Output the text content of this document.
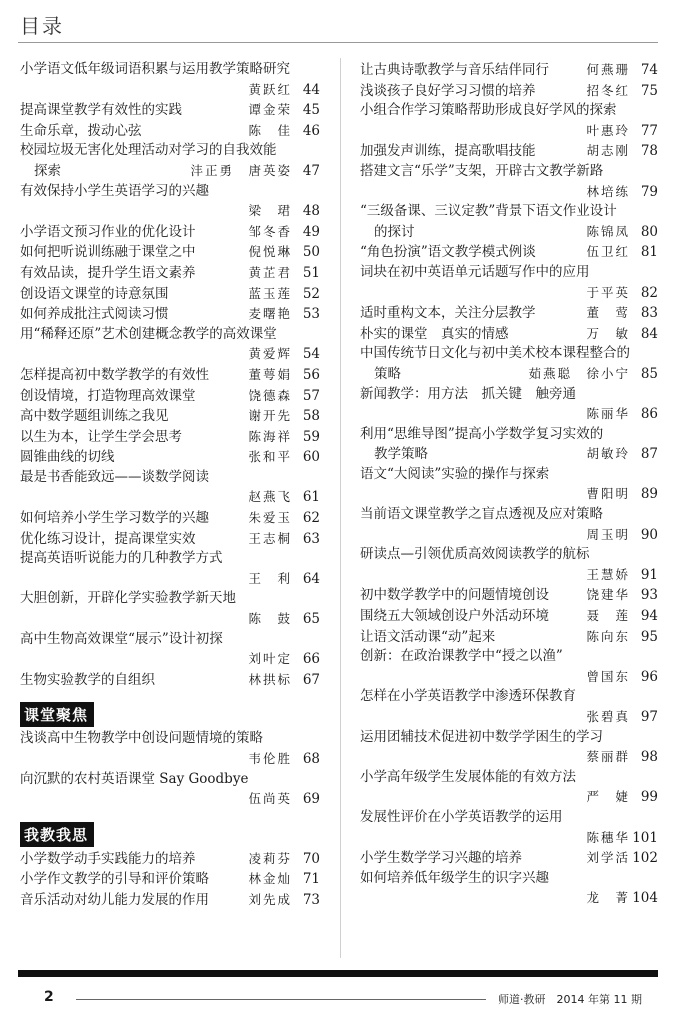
目录
小学语文低年级词语积累与运用教学策略研究
黄跃红 44
提高课堂教学有效性的实践	谭金荣 45
生命乐章，拨动心弦	陈　佳 46
校园垃圾无害化处理活动对学习的自我效能
探索	沣正勇　唐英姿 47
有效保持小学生英语学习的兴趣
梁　珺 48
小学语文预习作业的优化设计	邹冬香 49
如何把听说训练融于课堂之中	倪悦琳 50
有效品读，提升学生语文素养	黄芷君 51
创设语文课堂的诗意氛围	蓝玉莲 52
如何养成批注式阅读习惯	麦曙艳 53
用“稀释还原”艺术创建概念教学的高效课堂
黄爱辉 54
怎样提高初中数学教学的有效性	董萼娟 56
创设情境，打造物理高效课堂	饶德森 57
高中数学题组训练之我见	谢开先 58
以生为本，让学生学会思考	陈海祥 59
圆锥曲线的切线	张和平 60
最是书香能致远——谈数学阅读
赵燕飞 61
如何培养小学生学习数学的兴趣	朱爱玉 62
优化练习设计，提高课堂实效	王志桐 63
提高英语听说能力的几种教学方式
王　利 64
大胆创新，开辟化学实验教学新天地
陈　鼓 65
高中生物高效课堂“展示”设计初探
刘叶定 66
生物实验教学的自组织	林拱标 67
课堂聚焦
浅谈高中生物教学中创设问题情境的策略
韦伦胜 68
向沉默的农村英语课堂 Say Goodbye
伍尚英 69
我教我思
小学数学动手实践能力的培养	凌莉芬 70
小学作文教学的引导和评价策略	林金灿 71
音乐活动对幼儿能力发展的作用	刘先成 73
让古典诗歌教学与音乐结伴同行	何燕珊 74
浅谈孩子良好学习习惯的培养	招冬红 75
小组合作学习策略帮助形成良好学风的探索
叶惠玲 77
加强发声训练，提高歌唱技能	胡志刚 78
搭建文言“乐学”支架，开辟古文教学新路
林培练 79
“三级备课、三议定教”背景下语文作业设计
的探讨	陈锦凤 80
“角色扮演”语文教学模式例谈	伍卫红 81
词块在初中英语单元话题写作中的应用
于平英 82
适时重构文本，关注分层教学	董　莺 83
朴实的课堂　真实的情感	万　敏 84
中国传统节日文化与初中美术校本课程整合的
策略	茹燕聪　徐小宁 85
新闻教学：用方法　抓关键　触旁通
陈丽华 86
利用“思维导图”提高小学数学复习实效的
教学策略	胡敏玲 87
语文“大阅读”实验的操作与探索
曹阳明 89
当前语文课堂教学之盲点透视及应对策略
周玉明 90
研读点—引领优质高效阅读教学的航标
王慧娇 91
初中数学教学中的问题情境创设	饶建华 93
围绕五大领域创设户外活动环境	聂　莲 94
让语文活动课“动”起来	陈向东 95
创新：在政治课教学中“授之以渔”
曾国东 96
怎样在小学英语教学中渗透环保教育
张碧真 97
运用团辅技术促进初中数学学困生的学习
蔡丽群 98
小学高年级学生发展体能的有效方法
严　婕 99
发展性评价在小学英语教学的运用
陈穗华 101
小学生数学学习兴趣的培养	刘学活 102
如何培养低年级学生的识字兴趣
龙　菁 104
2	师道·教研　2014 年第 11 期
